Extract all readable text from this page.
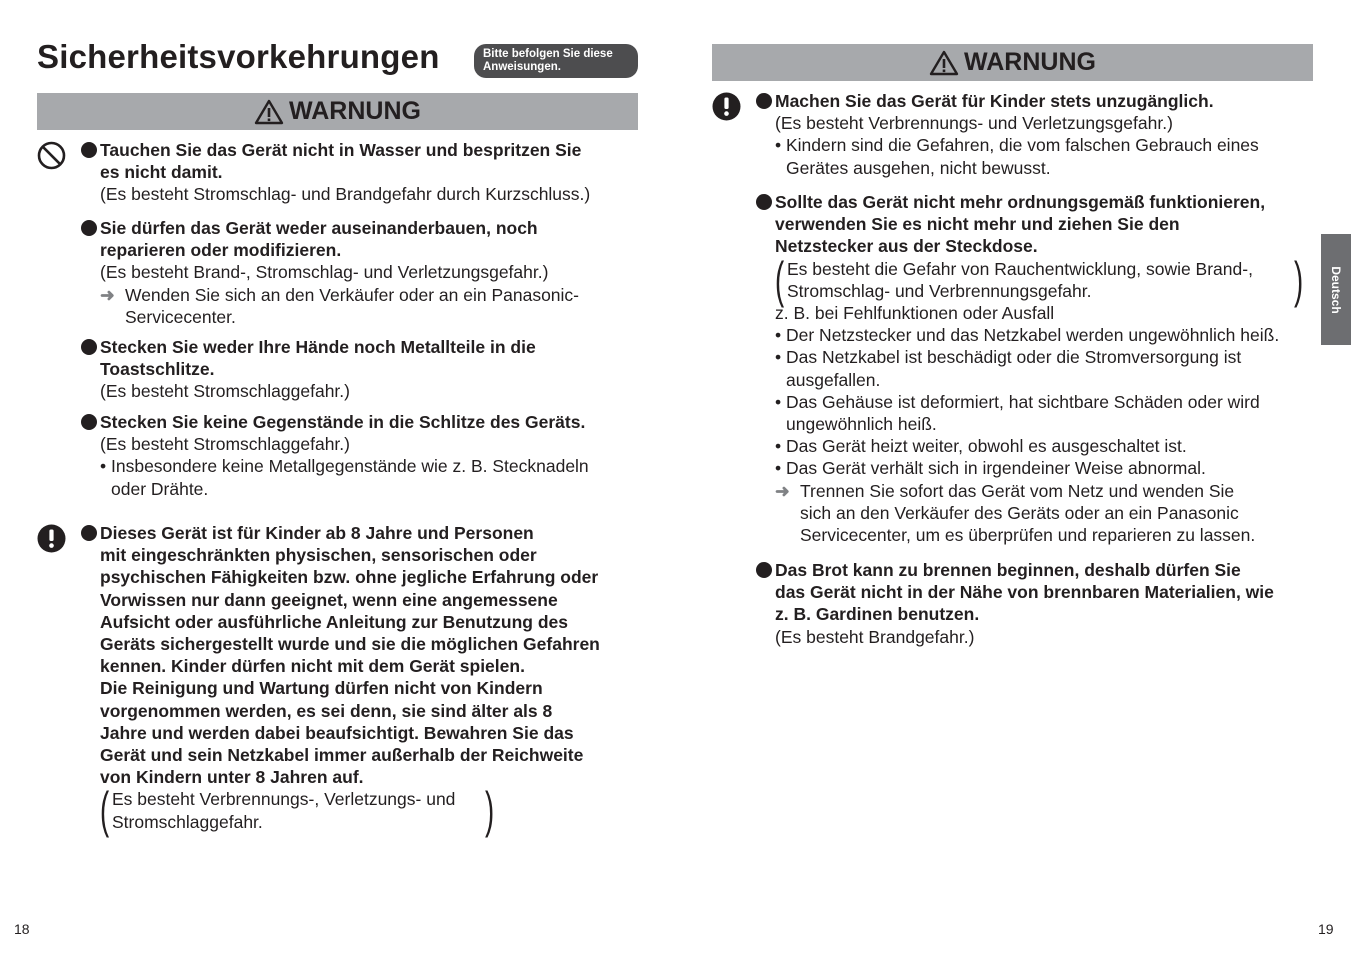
Sicherheitsvorkehrungen	Bitte befolgen Sie diese
Anweisungen.
WARNUNG
Tauchen Sie das Gerät nicht in Wasser und bespritzen Sie
es nicht damit.
(Es besteht Stromschlag- und Brandgefahr durch Kurzschluss.)
Sie dürfen das Gerät weder auseinanderbauen, noch
reparieren oder modifizieren.
(Es besteht Brand-, Stromschlag- und Verletzungsgefahr.)
➜ Wenden Sie sich an den Verkäufer oder an ein Panasonic-
Servicecenter.
Stecken Sie weder Ihre Hände noch Metallteile in die
Toastschlitze.
(Es besteht Stromschlaggefahr.)
Stecken Sie keine Gegenstände in die Schlitze des Geräts.
(Es besteht Stromschlaggefahr.)
• Insbesondere keine Metallgegenstände wie z. B. Stecknadeln
oder Drähte.
Dieses Gerät ist für Kinder ab 8 Jahre und Personen
mit eingeschränkten physischen, sensorischen oder
psychischen Fähigkeiten bzw. ohne jegliche Erfahrung oder
Vorwissen nur dann geeignet, wenn eine angemessene
Aufsicht oder ausführliche Anleitung zur Benutzung des
Geräts sichergestellt wurde und sie die möglichen Gefahren
kennen. Kinder dürfen nicht mit dem Gerät spielen.
Die Reinigung und Wartung dürfen nicht von Kindern
vorgenommen werden, es sei denn, sie sind älter als 8
Jahre und werden dabei beaufsichtigt. Bewahren Sie das
Gerät und sein Netzkabel immer außerhalb der Reichweite
von Kindern unter 8 Jahren auf.
( Es besteht Verbrennungs-, Verletzungs- und
Stromschlaggefahr.	)
18
WARNUNG
Machen Sie das Gerät für Kinder stets unzugänglich.
(Es besteht Verbrennungs- und Verletzungsgefahr.)
• Kindern sind die Gefahren, die vom falschen Gebrauch eines
Gerätes ausgehen, nicht bewusst.
Sollte das Gerät nicht mehr ordnungsgemäß funktionieren,
verwenden Sie es nicht mehr und ziehen Sie den
Netzstecker aus der Steckdose.
( Es besteht die Gefahr von Rauchentwicklung, sowie Brand-,
Stromschlag- und Verbrennungsgefahr.	)
z. B. bei Fehlfunktionen oder Ausfall
• Der Netzstecker und das Netzkabel werden ungewöhnlich heiß.
• Das Netzkabel ist beschädigt oder die Stromversorgung ist
ausgefallen.
• Das Gehäuse ist deformiert, hat sichtbare Schäden oder wird
ungewöhnlich heiß.
• Das Gerät heizt weiter, obwohl es ausgeschaltet ist.
• Das Gerät verhält sich in irgendeiner Weise abnormal.
➜ Trennen Sie sofort das Gerät vom Netz und wenden Sie
sich an den Verkäufer des Geräts oder an ein Panasonic
Servicecenter, um es überprüfen und reparieren zu lassen.
Das Brot kann zu brennen beginnen, deshalb dürfen Sie
das Gerät nicht in der Nähe von brennbaren Materialien, wie
z. B. Gardinen benutzen.
(Es besteht Brandgefahr.)
Deutsch
19
